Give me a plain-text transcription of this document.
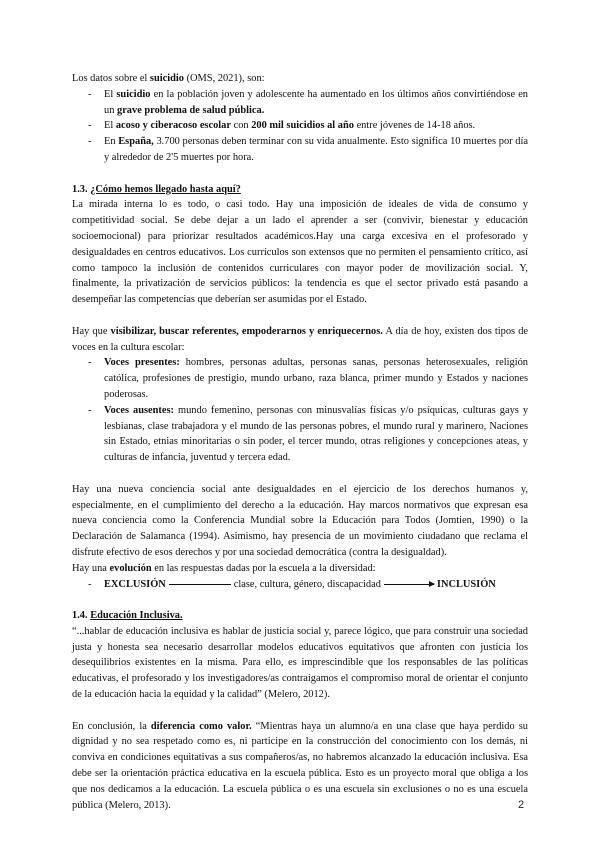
Los datos sobre el suicidio (OMS, 2021), son:

- El suicidio en la población joven y adolescente ha aumentado en los últimos años convirtiéndose en un grave problema de salud pública.
- El acoso y ciberacoso escolar con 200 mil suicidios al año entre jóvenes de 14-18 años.
- En España, 3.700 personas deben terminar con su vida anualmente. Esto significa 10 muertes por día y alrededor de 2'5 muertes por hora.

1.3. ¿Cómo hemos llegado hasta aquí?

La mirada interna lo es todo, o casi todo. Hay una imposición de ideales de vida de consumo y competitividad social. Se debe dejar a un lado el aprender a ser (convivir, bienestar y educación socioemocional) para priorizar resultados académicos.Hay una carga excesiva en el profesorado y desigualdades en centros educativos. Los currículos son extensos que no permiten el pensamiento crítico, así como tampoco la inclusión de contenidos curriculares con mayor poder de movilización social. Y, finalmente, la privatización de servicios públicos: la tendencia es que el sector privado está pasando a desempeñar las competencias que deberían ser asumidas por el Estado.

Hay que visibilizar, buscar referentes, empoderarnos y enriquecernos. A día de hoy, existen dos tipos de voces en la cultura escolar:

- Voces presentes: hombres, personas adultas, personas sanas, personas heterosexuales, religión católica, profesiones de prestigio, mundo urbano, raza blanca, primer mundo y Estados y naciones poderosas.
- Voces ausentes: mundo femenino, personas con minusvalías físicas y/o psíquicas, culturas gays y lesbianas, clase trabajadora y el mundo de las personas pobres, el mundo rural y marinero, Naciones sin Estado, etnias minoritarias o sin poder, el tercer mundo, otras religiones y concepciones ateas, y culturas de infancia, juventud y tercera edad.

Hay una nueva conciencia social ante desigualdades en el ejercicio de los derechos humanos y, especialmente, en el cumplimiento del derecho a la educación. Hay marcos normativos que expresan esa nueva conciencia como la Conferencia Mundial sobre la Educación para Todos (Jomtien, 1990) o la Declaración de Salamanca (1994). Asimismo, hay presencia de un movimiento ciudadano que reclama el disfrute efectivo de esos derechos y por una sociedad democrática (contra la desigualdad).

Hay una evolución en las respuestas dadas por la escuela a la diversidad:

- EXCLUSIÓN	clase, cultura, género, discapacidad	INCLUSIÓN

1.4. Educación Inclusiva.

“...hablar de educación inclusiva es hablar de justicia social y, parece lógico, que para construir una sociedad justa y honesta sea necesario desarrollar modelos educativos equitativos que afronten con justicia los desequilibrios existentes en la misma. Para ello, es imprescindible que los responsables de las políticas educativas, el profesorado y los investigadores/as contraigamos el compromiso moral de orientar el conjunto de la educación hacia la equidad y la calidad” (Melero, 2012).

En conclusión, la diferencia como valor. “Mientras haya un alumno/a en una clase que haya perdido su dignidad y no sea respetado como es, ni participe en la construcción del conocimiento con los demás, ni conviva en condiciones equitativas a sus compañeros/as, no habremos alcanzado la educación inclusiva. Esa debe ser la orientación práctica educativa en la escuela pública. Esto es un proyecto moral que obliga a los que nos dedicamos a la educación. La escuela pública o es una escuela sin exclusiones o no es una escuela pública (Melero, 2013).	2
